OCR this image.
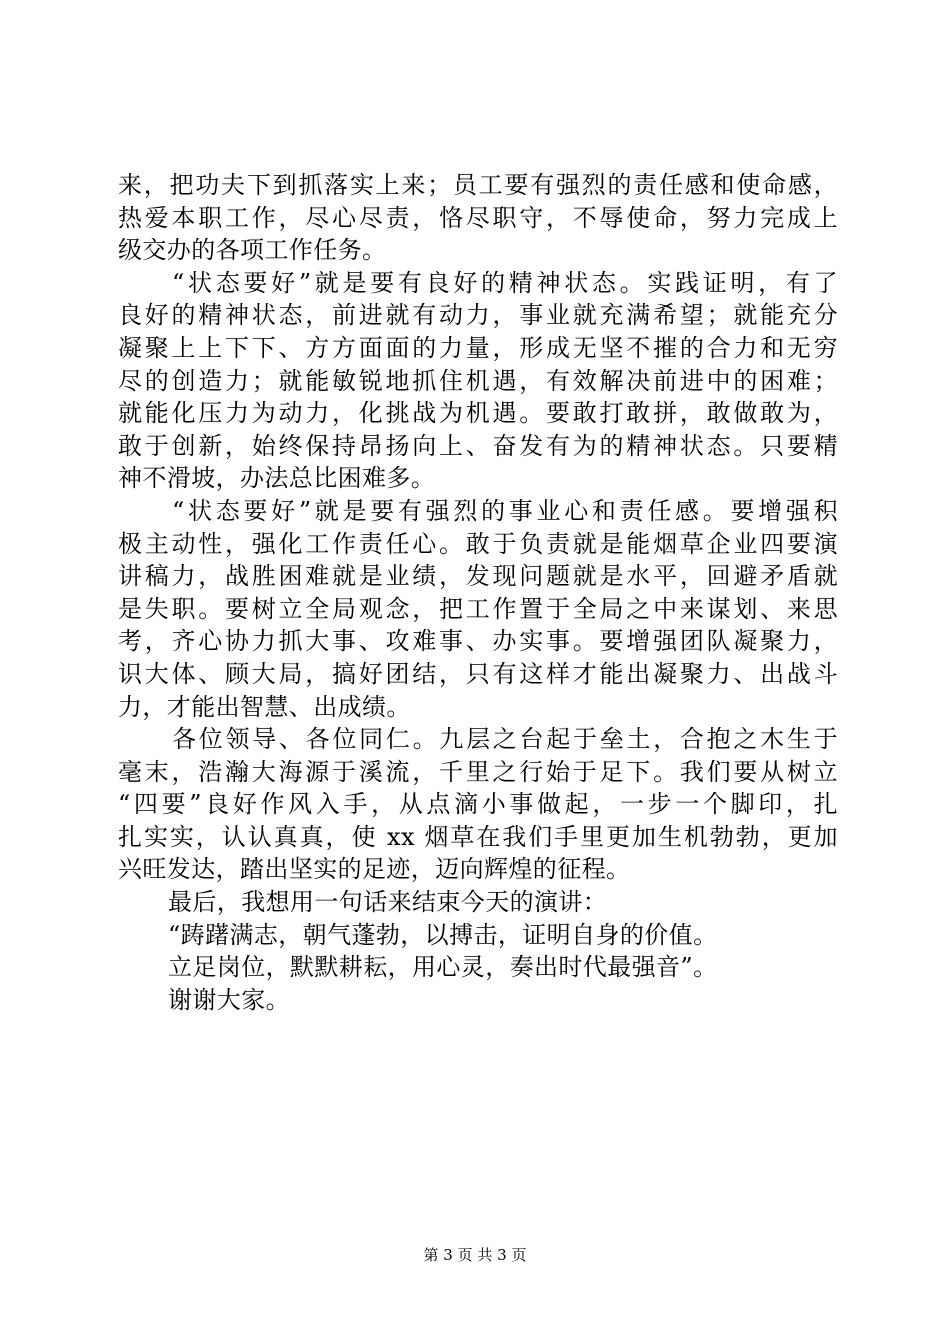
来，把功夫下到抓落实上来；员工要有强烈的责任感和使命感，
热爱本职工作，尽心尽责，恪尽职守，不辱使命，努力完成上
级交办的各项工作任务。
“状态要好”就是要有良好的精神状态。实践证明，有了
良好的精神状态，前进就有动力，事业就充满希望；就能充分
凝聚上上下下、方方面面的力量，形成无坚不摧的合力和无穷
尽的创造力；就能敏锐地抓住机遇，有效解决前进中的困难；
就能化压力为动力，化挑战为机遇。要敢打敢拼，敢做敢为，
敢于创新，始终保持昂扬向上、奋发有为的精神状态。只要精
神不滑坡，办法总比困难多。
“状态要好”就是要有强烈的事业心和责任感。要增强积
极主动性，强化工作责任心。敢于负责就是能烟草企业四要演
讲稿力，战胜困难就是业绩，发现问题就是水平，回避矛盾就
是失职。要树立全局观念，把工作置于全局之中来谋划、来思
考，齐心协力抓大事、攻难事、办实事。要增强团队凝聚力，
识大体、顾大局，搞好团结，只有这样才能出凝聚力、出战斗
力，才能出智慧、出成绩。
各位领导、各位同仁。九层之台起于垒土，合抱之木生于
毫末，浩瀚大海源于溪流，千里之行始于足下。我们要从树立
“四要”良好作风入手，从点滴小事做起，一步一个脚印，扎
扎实实，认认真真，使 xx 烟草在我们手里更加生机勃勃，更加
兴旺发达，踏出坚实的足迹，迈向辉煌的征程。
最后，我想用一句话来结束今天的演讲：
“踌躇满志，朝气蓬勃，以搏击，证明自身的价值。
立足岗位，默默耕耘，用心灵，奏出时代最强音”。
谢谢大家。
第 3 页 共 3 页
